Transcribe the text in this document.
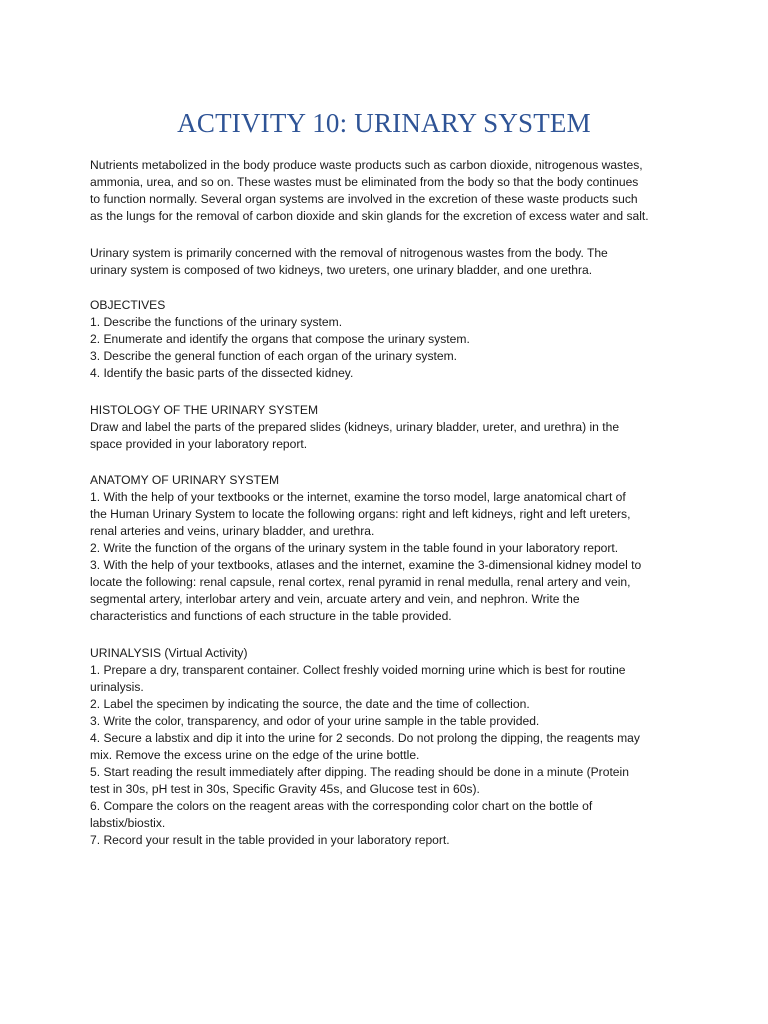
ACTIVITY 10: URINARY SYSTEM

Nutrients metabolized in the body produce waste products such as carbon dioxide, nitrogenous wastes,
ammonia, urea, and so on. These wastes must be eliminated from the body so that the body continues
to function normally. Several organ systems are involved in the excretion of these waste products such
as the lungs for the removal of carbon dioxide and skin glands for the excretion of excess water and salt.

Urinary system is primarily concerned with the removal of nitrogenous wastes from the body. The
urinary system is composed of two kidneys, two ureters, one urinary bladder, and one urethra.

OBJECTIVES

1. Describe the functions of the urinary system.

2. Enumerate and identify the organs that compose the urinary system.

3. Describe the general function of each organ of the urinary system.

4. Identify the basic parts of the dissected kidney.

HISTOLOGY OF THE URINARY SYSTEM

Draw and label the parts of the prepared slides (kidneys, urinary bladder, ureter, and urethra) in the
space provided in your laboratory report.

ANATOMY OF URINARY SYSTEM

1. With the help of your textbooks or the internet, examine the torso model, large anatomical chart of
the Human Urinary System to locate the following organs: right and left kidneys, right and left ureters,
renal arteries and veins, urinary bladder, and urethra.

2. Write the function of the organs of the urinary system in the table found in your laboratory report.

3. With the help of your textbooks, atlases and the internet, examine the 3-dimensional kidney model to
locate the following: renal capsule, renal cortex, renal pyramid in renal medulla, renal artery and vein,
segmental artery, interlobar artery and vein, arcuate artery and vein, and nephron. Write the
characteristics and functions of each structure in the table provided.

URINALYSIS (Virtual Activity)

1. Prepare a dry, transparent container. Collect freshly voided morning urine which is best for routine
urinalysis.

2. Label the specimen by indicating the source, the date and the time of collection.

3. Write the color, transparency, and odor of your urine sample in the table provided.

4. Secure a labstix and dip it into the urine for 2 seconds. Do not prolong the dipping, the reagents may
mix. Remove the excess urine on the edge of the urine bottle.

5. Start reading the result immediately after dipping. The reading should be done in a minute (Protein
test in 30s, pH test in 30s, Specific Gravity 45s, and Glucose test in 60s).

6. Compare the colors on the reagent areas with the corresponding color chart on the bottle of
labstix/biostix.

7. Record your result in the table provided in your laboratory report.
